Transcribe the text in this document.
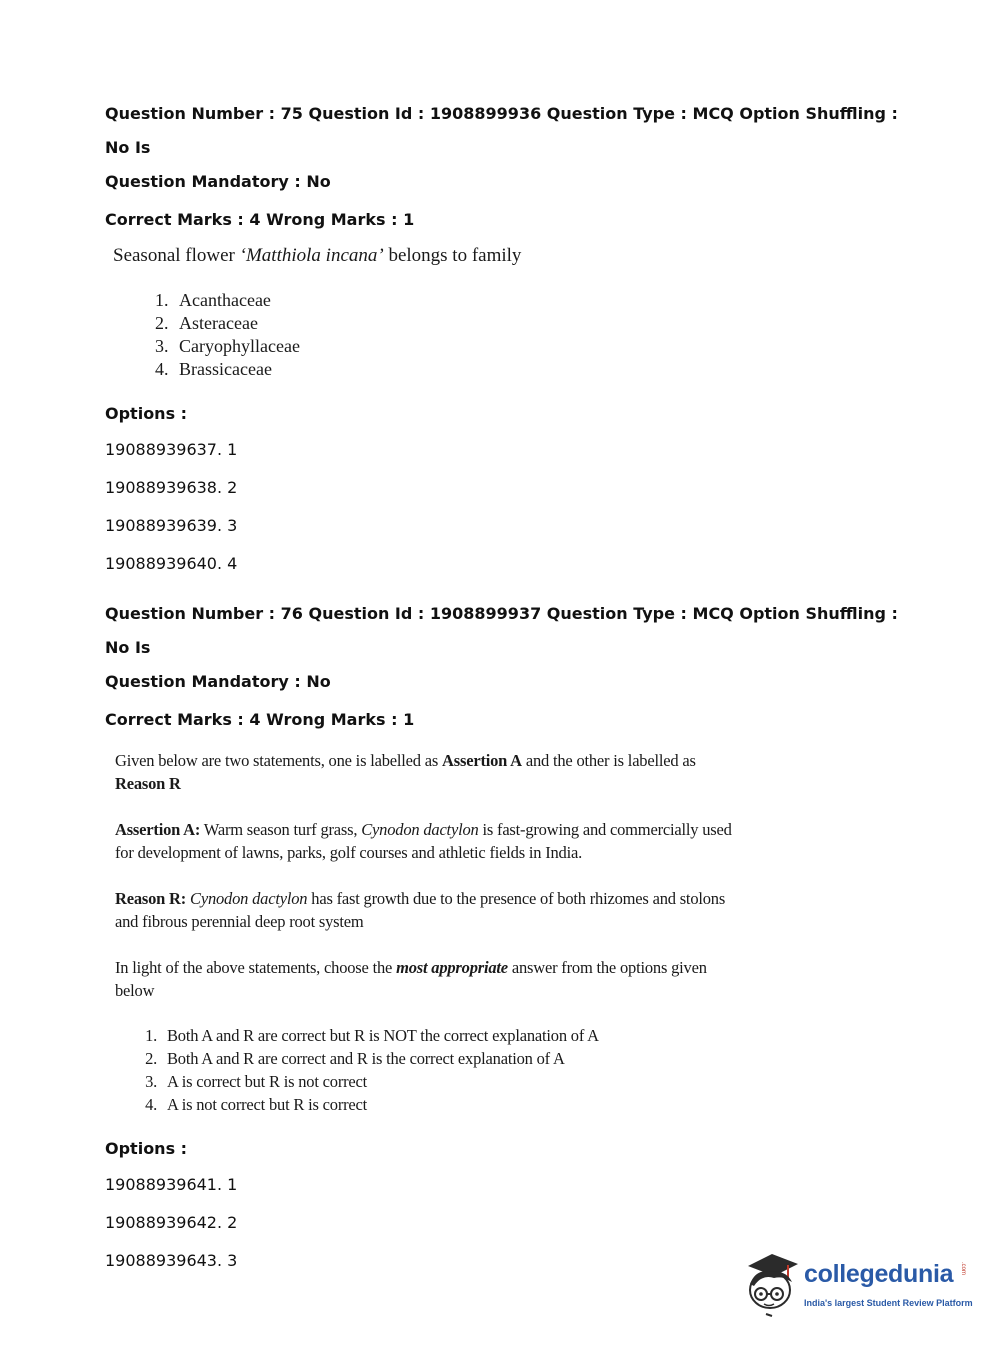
Question Number : 75 Question Id : 1908899936 Question Type : MCQ Option Shuffling : No Is

Question Mandatory : No

Correct Marks : 4 Wrong Marks : 1

Seasonal flower ‘Matthiola incana’ belongs to family

1. Acanthaceae
2. Asteraceae
3. Caryophyllaceae
4. Brassicaceae

Options :

19088939637. 1

19088939638. 2

19088939639. 3

19088939640. 4

Question Number : 76 Question Id : 1908899937 Question Type : MCQ Option Shuffling : No Is

Question Mandatory : No

Correct Marks : 4 Wrong Marks : 1

Given below are two statements, one is labelled as Assertion A and the other is labelled as

Reason R

Assertion A: Warm season turf grass, Cynodon dactylon is fast-growing and commercially used

for development of lawns, parks, golf courses and athletic fields in India.

Reason R: Cynodon dactylon has fast growth due to the presence of both rhizomes and stolons

and fibrous perennial deep root system

In light of the above statements, choose the most appropriate answer from the options given

below

1. Both A and R are correct but R is NOT the correct explanation of A
2. Both A and R are correct and R is the correct explanation of A
3. A is correct but R is not correct
4. A is not correct but R is correct

Options :

19088939641. 1

19088939642. 2

19088939643. 3	collegedunia .com
India's largest Student Review Platform
